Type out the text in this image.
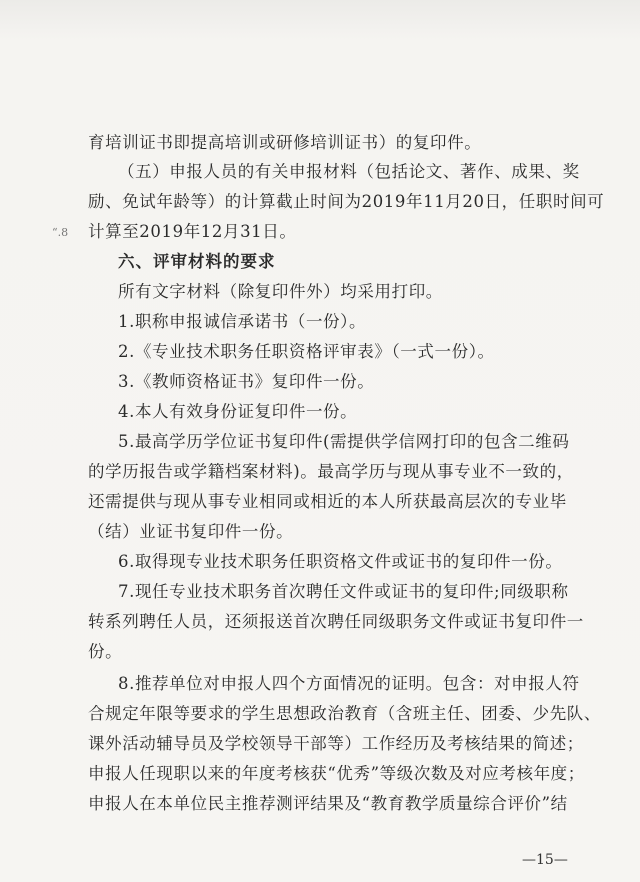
育培训证书即提高培训或研修培训证书）的复印件。
（五）申报人员的有关申报材料（包括论文、著作、成果、奖
励、免试年龄等）的计算截止时间为2019年11月20日，任职时间可
计算至2019年12月31日。
“.8
六、评审材料的要求
所有文字材料（除复印件外）均采用打印。
1.职称申报诚信承诺书（一份）。
2.《专业技术职务任职资格评审表》（一式一份）。
3.《教师资格证书》复印件一份。
4.本人有效身份证复印件一份。
5.最高学历学位证书复印件(需提供学信网打印的包含二维码
的学历报告或学籍档案材料)。最高学历与现从事专业不一致的，
还需提供与现从事专业相同或相近的本人所获最高层次的专业毕
（结）业证书复印件一份。
6.取得现专业技术职务任职资格文件或证书的复印件一份。
7.现任专业技术职务首次聘任文件或证书的复印件;同级职称
转系列聘任人员，还须报送首次聘任同级职务文件或证书复印件一
份。
8.推荐单位对申报人四个方面情况的证明。包含：对申报人符
合规定年限等要求的学生思想政治教育（含班主任、团委、少先队、
课外活动辅导员及学校领导干部等）工作经历及考核结果的简述；
申报人任现职以来的年度考核获“优秀”等级次数及对应考核年度；
申报人在本单位民主推荐测评结果及“教育教学质量综合评价”结
—15—
